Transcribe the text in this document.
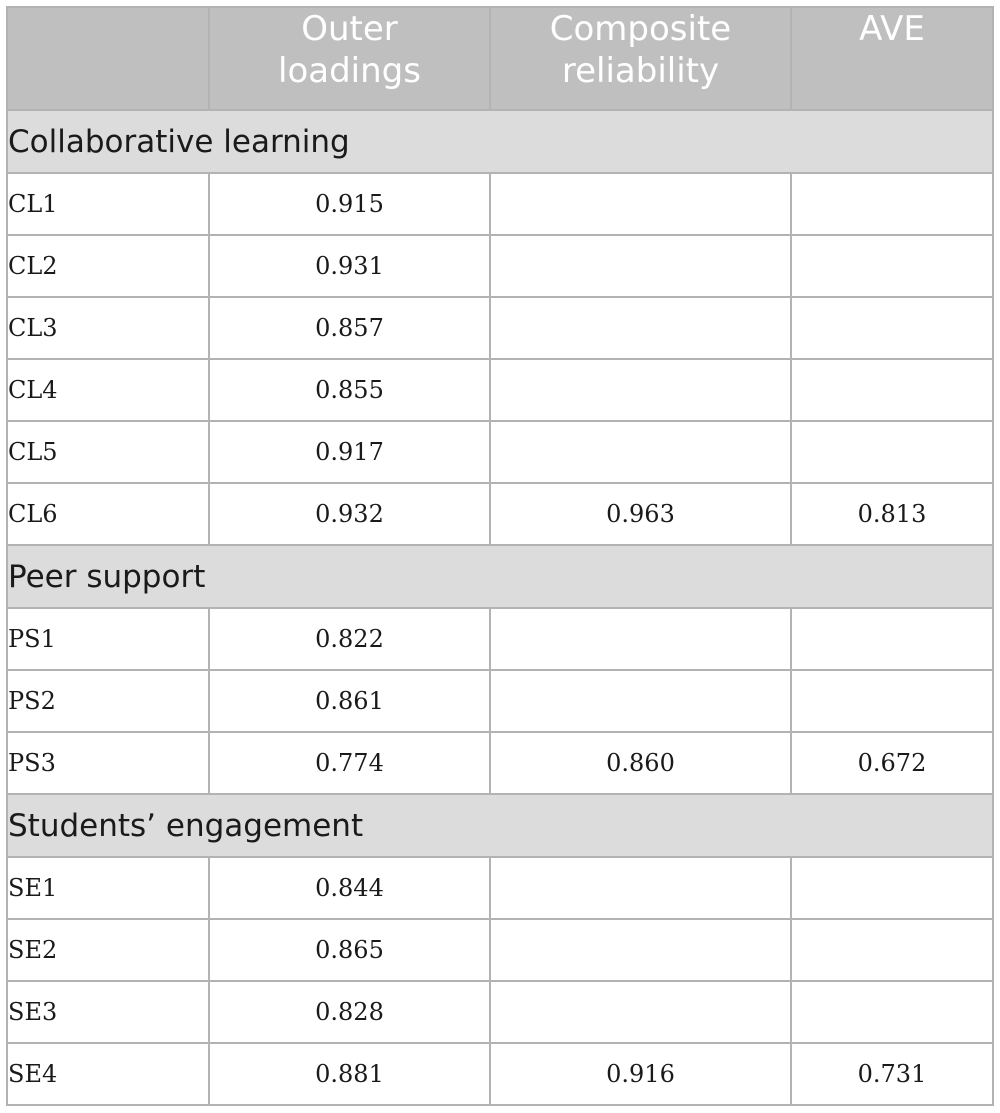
	Outer
loadings	Composite
reliability	AVE

Collaborative learning			
CL1	0.915		
CL2	0.931		
CL3	0.857		
CL4	0.855		
CL5	0.917		
CL6	0.932	0.963	0.813
Peer support			
PS1	0.822		
PS2	0.861		
PS3	0.774	0.860	0.672
Students’ engagement			
SE1	0.844		
SE2	0.865		
SE3	0.828		
SE4	0.881	0.916	0.731
